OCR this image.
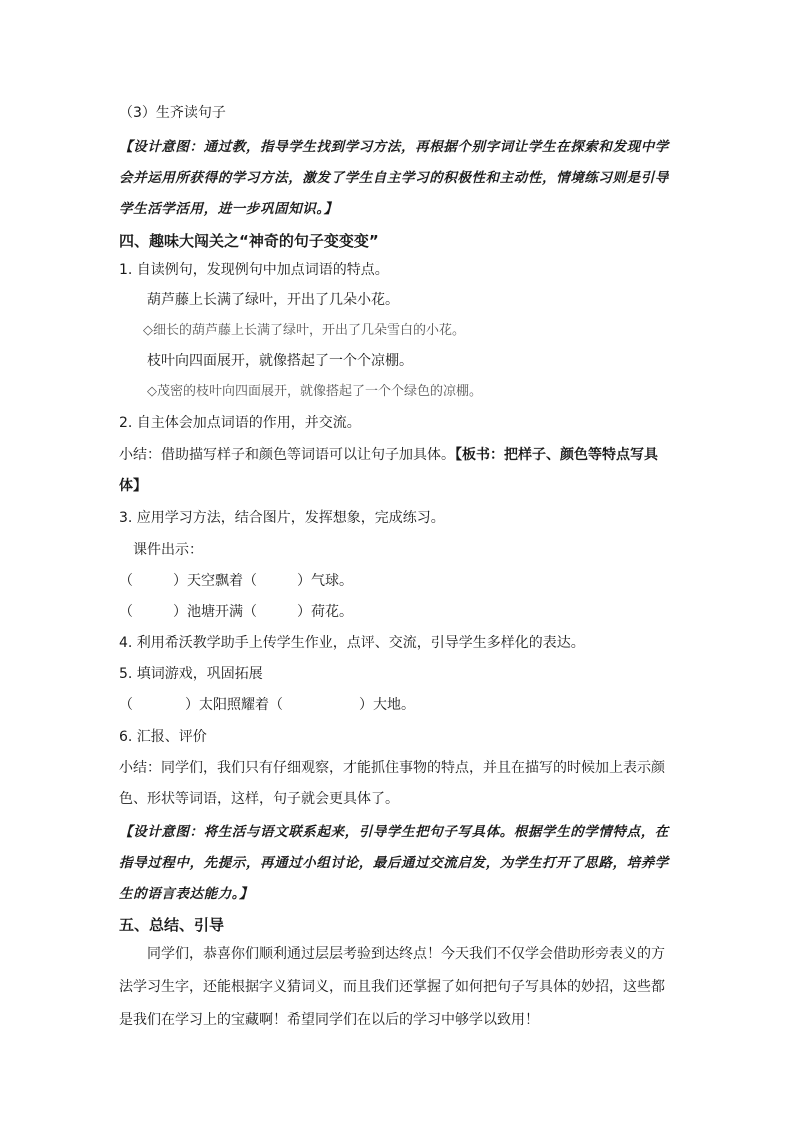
（3）生齐读句子
【设计意图：通过教，指导学生找到学习方法，再根据个别字词让学生在探索和发现中学
会并运用所获得的学习方法，激发了学生自主学习的积极性和主动性，情境练习则是引导
学生活学活用，进一步巩固知识。】
四、趣味大闯关之“神奇的句子变变变”
1. 自读例句，发现例句中加点词语的特点。
葫芦藤上长满了绿叶，开出了几朵小花。
◇细长的葫芦藤上长满了绿叶，开出了几朵雪白的小花。
枝叶向四面展开，就像搭起了一个个凉棚。
◇茂密的枝叶向四面展开，就像搭起了一个个绿色的凉棚。
2. 自主体会加点词语的作用，并交流。
小结：借助描写样子和颜色等词语可以让句子加具体。【板书：把样子、颜色等特点写具
体】
3. 应用学习方法，结合图片，发挥想象，完成练习。
课件出示：
（	）天空飘着（	）气球。
（	）池塘开满（	）荷花。
4. 利用希沃教学助手上传学生作业，点评、交流，引导学生多样化的表达。
5. 填词游戏，巩固拓展
（	）太阳照耀着（	）大地。
6. 汇报、评价
小结：同学们，我们只有仔细观察，才能抓住事物的特点，并且在描写的时候加上表示颜
色、形状等词语，这样，句子就会更具体了。
【设计意图：将生活与语文联系起来，引导学生把句子写具体。根据学生的学情特点，在
指导过程中，先提示，再通过小组讨论，最后通过交流启发，为学生打开了思路，培养学
生的语言表达能力。】
五、总结、引导
同学们，恭喜你们顺利通过层层考验到达终点！今天我们不仅学会借助形旁表义的方
法学习生字，还能根据字义猜词义，而且我们还掌握了如何把句子写具体的妙招，这些都
是我们在学习上的宝藏啊！希望同学们在以后的学习中够学以致用！
